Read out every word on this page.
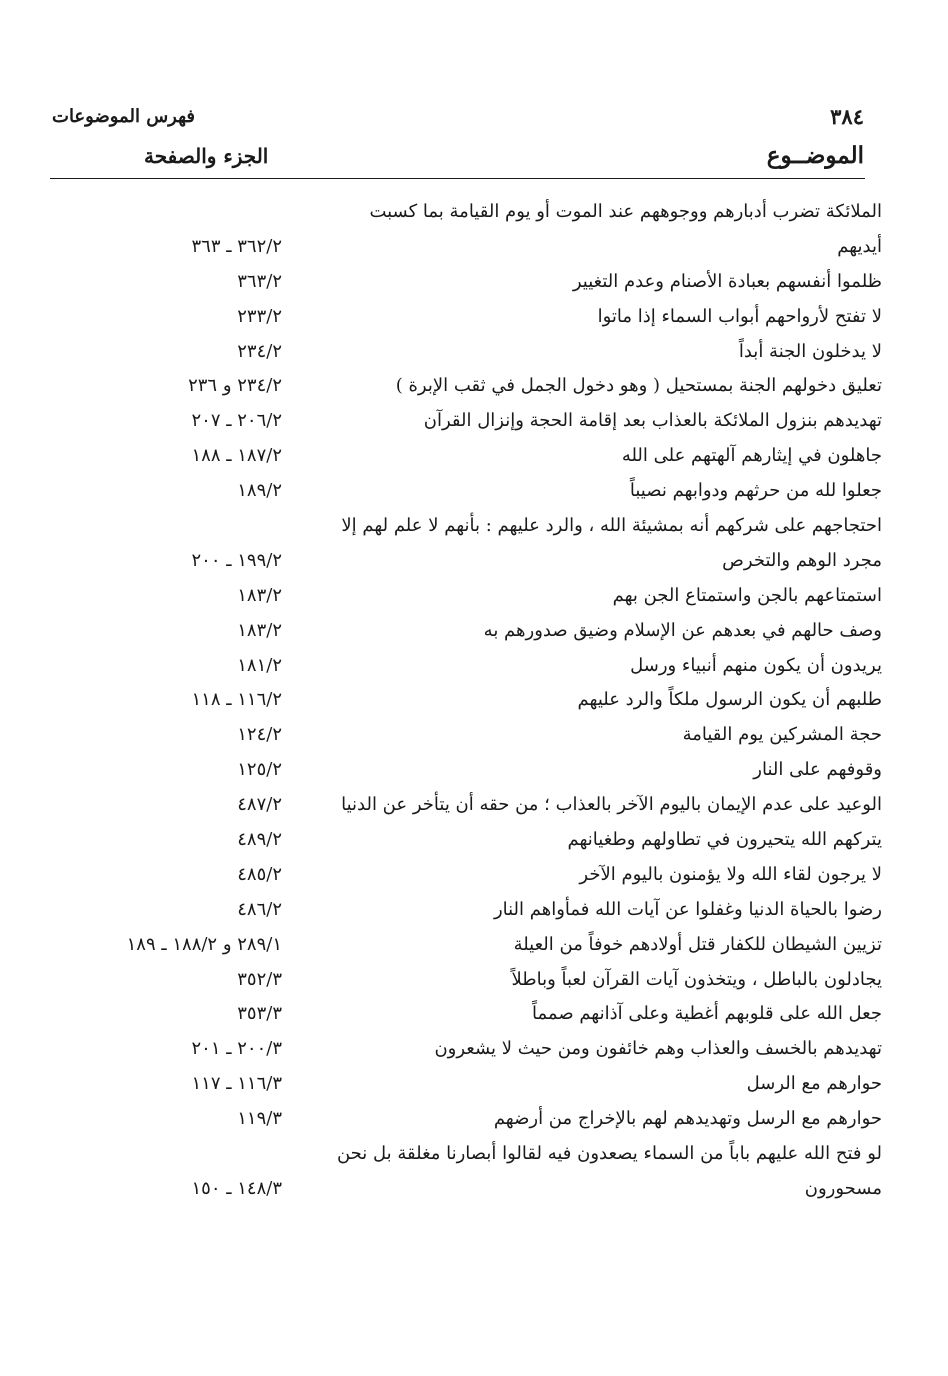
٣٨٤
فهرس الموضوعات
الموضــوع
الجزء والصفحة
الملائكة تضرب أدبارهم ووجوههم عند الموت أو يوم القيامة بما كسبت
أيديهم
٣٦٢/٢ ـ ٣٦٣
ظلموا أنفسهم بعبادة الأصنام وعدم التغيير
٣٦٣/٢
لا تفتح لأرواحهم أبواب السماء إذا ماتوا
٢٣٣/٢
لا يدخلون الجنة أبداً
٢٣٤/٢
تعليق دخولهم الجنة بمستحيل ( وهو دخول الجمل في ثقب الإبرة )
٢٣٤/٢ و ٢٣٦
تهديدهم بنزول الملائكة بالعذاب بعد إقامة الحجة وإنزال القرآن
٢٠٦/٢ ـ ٢٠٧
جاهلون في إيثارهم آلهتهم على الله
١٨٧/٢ ـ ١٨٨
جعلوا لله من حرثهم ودوابهم نصيباً
١٨٩/٢
احتجاجهم على شركهم أنه بمشيئة الله ، والرد عليهم : بأنهم لا علم لهم إلا
مجرد الوهم والتخرص
١٩٩/٢ ـ ٢٠٠
استمتاعهم بالجن واستمتاع الجن بهم
١٨٣/٢
وصف حالهم في بعدهم عن الإسلام وضيق صدورهم به
١٨٣/٢
يريدون أن يكون منهم أنبياء ورسل
١٨١/٢
طلبهم أن يكون الرسول ملكاً والرد عليهم
١١٦/٢ ـ ١١٨
حجة المشركين يوم القيامة
١٢٤/٢
وقوفهم على النار
١٢٥/٢
الوعيد على عدم الإيمان باليوم الآخر بالعذاب ؛ من حقه أن يتأخر عن الدنيا
٤٨٧/٢
يتركهم الله يتحيرون في تطاولهم وطغيانهم
٤٨٩/٢
لا يرجون لقاء الله ولا يؤمنون باليوم الآخر
٤٨٥/٢
رضوا بالحياة الدنيا وغفلوا عن آيات الله فمأواهم النار
٤٨٦/٢
تزيين الشيطان للكفار قتل أولادهم خوفاً من العيلة
٢٨٩/١ و ١٨٨/٢ ـ ١٨٩
يجادلون بالباطل ، ويتخذون آيات القرآن لعباً وباطلاً
٣٥٢/٣
جعل الله على قلوبهم أغطية وعلى آذانهم صمماً
٣٥٣/٣
تهديدهم بالخسف والعذاب وهم خائفون ومن حيث لا يشعرون
٢٠٠/٣ ـ ٢٠١
حوارهم مع الرسل
١١٦/٣ ـ ١١٧
حوارهم مع الرسل وتهديدهم لهم بالإخراج من أرضهم
١١٩/٣
لو فتح الله عليهم باباً من السماء يصعدون فيه لقالوا أبصارنا مغلقة بل نحن
مسحورون
١٤٨/٣ ـ ١٥٠
